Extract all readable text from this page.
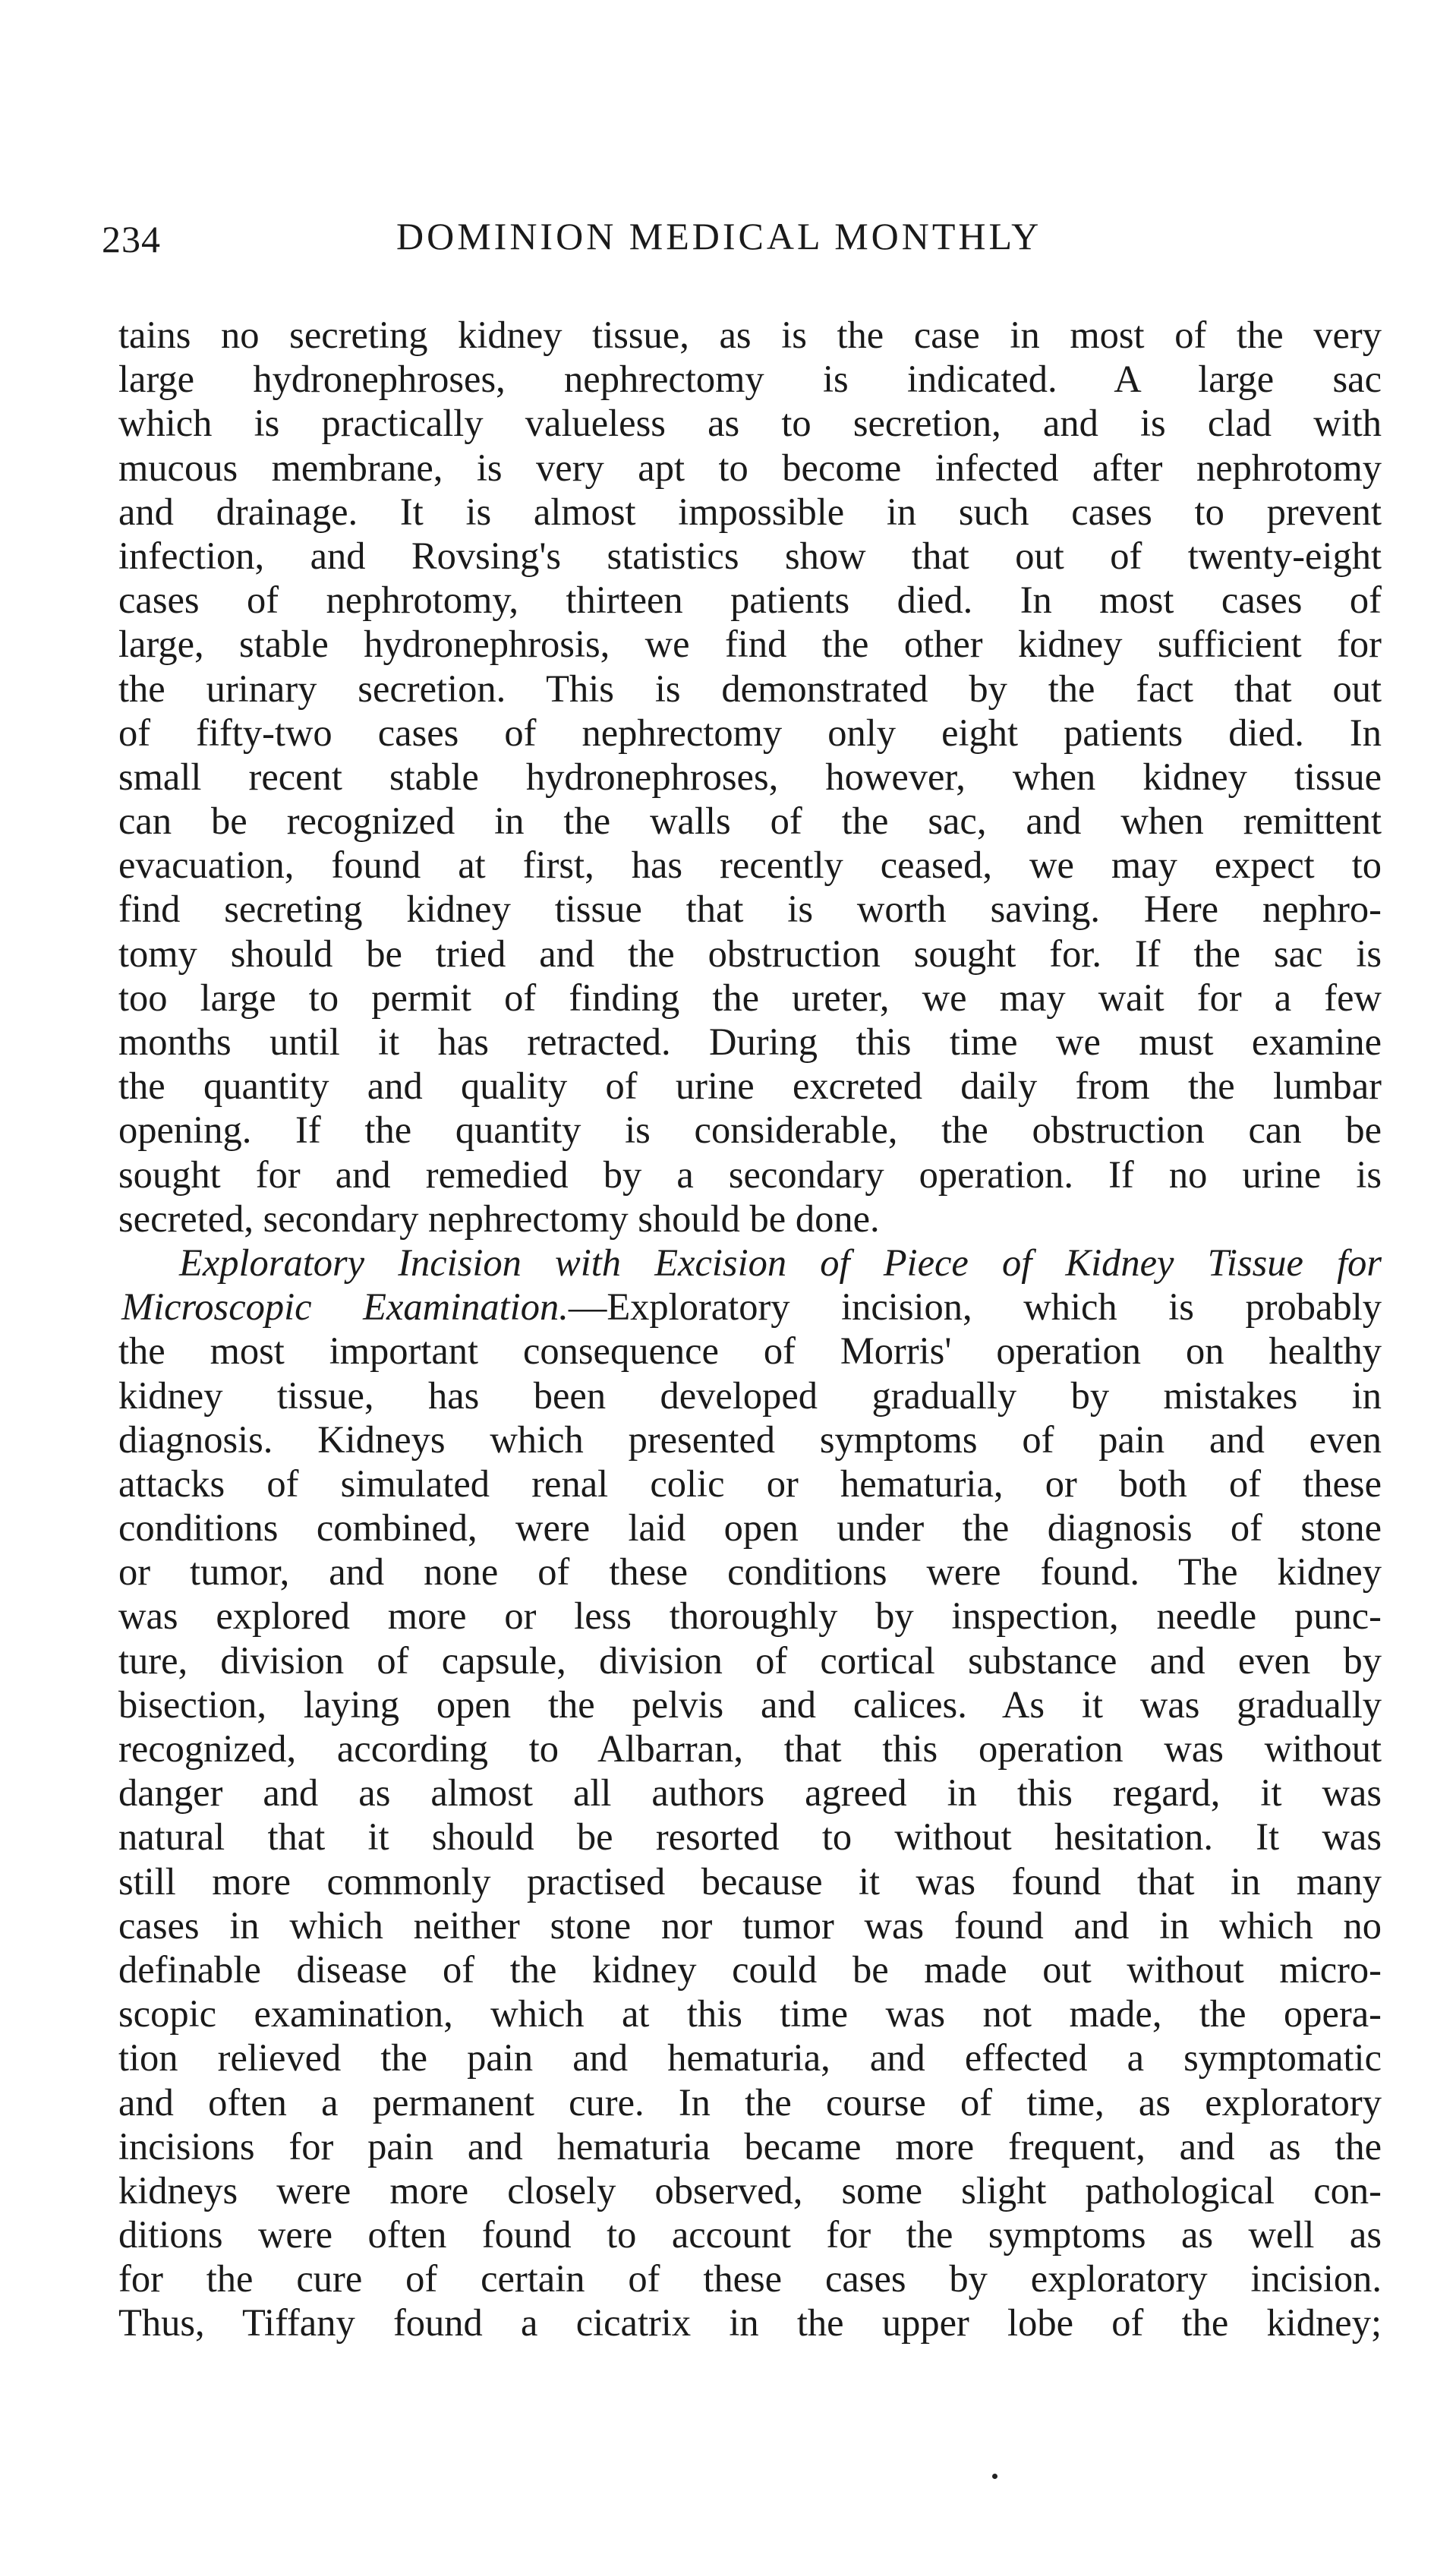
234	DOMINION MEDICAL MONTHLY
tains no secreting kidney tissue, as is the case in most of the very
large hydronephroses, nephrectomy is indicated. A large sac
which is practically valueless as to secretion, and is clad with
mucous membrane, is very apt to become infected after nephrotomy
and drainage. It is almost impossible in such cases to prevent
infection, and Rovsing's statistics show that out of twenty-eight
cases of nephrotomy, thirteen patients died. In most cases of
large, stable hydronephrosis, we find the other kidney sufficient for
the urinary secretion. This is demonstrated by the fact that out
of fifty-two cases of nephrectomy only eight patients died. In
small recent stable hydronephroses, however, when kidney tissue
can be recognized in the walls of the sac, and when remittent
evacuation, found at first, has recently ceased, we may expect to
find secreting kidney tissue that is worth saving. Here nephro-
tomy should be tried and the obstruction sought for. If the sac is
too large to permit of finding the ureter, we may wait for a few
months until it has retracted. During this time we must examine
the quantity and quality of urine excreted daily from the lumbar
opening. If the quantity is considerable, the obstruction can be
sought for and remedied by a secondary operation. If no urine is
secreted, secondary nephrectomy should be done.
Exploratory Incision with Excision of Piece of Kidney Tissue for
Microscopic Examination.—Exploratory incision, which is probably
the most important consequence of Morris' operation on healthy
kidney tissue, has been developed gradually by mistakes in
diagnosis. Kidneys which presented symptoms of pain and even
attacks of simulated renal colic or hematuria, or both of these
conditions combined, were laid open under the diagnosis of stone
or tumor, and none of these conditions were found. The kidney
was explored more or less thoroughly by inspection, needle punc-
ture, division of capsule, division of cortical substance and even by
bisection, laying open the pelvis and calices. As it was gradually
recognized, according to Albarran, that this operation was without
danger and as almost all authors agreed in this regard, it was
natural that it should be resorted to without hesitation. It was
still more commonly practised because it was found that in many
cases in which neither stone nor tumor was found and in which no
definable disease of the kidney could be made out without micro-
scopic examination, which at this time was not made, the opera-
tion relieved the pain and hematuria, and effected a symptomatic
and often a permanent cure. In the course of time, as exploratory
incisions for pain and hematuria became more frequent, and as the
kidneys were more closely observed, some slight pathological con-
ditions were often found to account for the symptoms as well as
for the cure of certain of these cases by exploratory incision.
Thus, Tiffany found a cicatrix in the upper lobe of the kidney;
